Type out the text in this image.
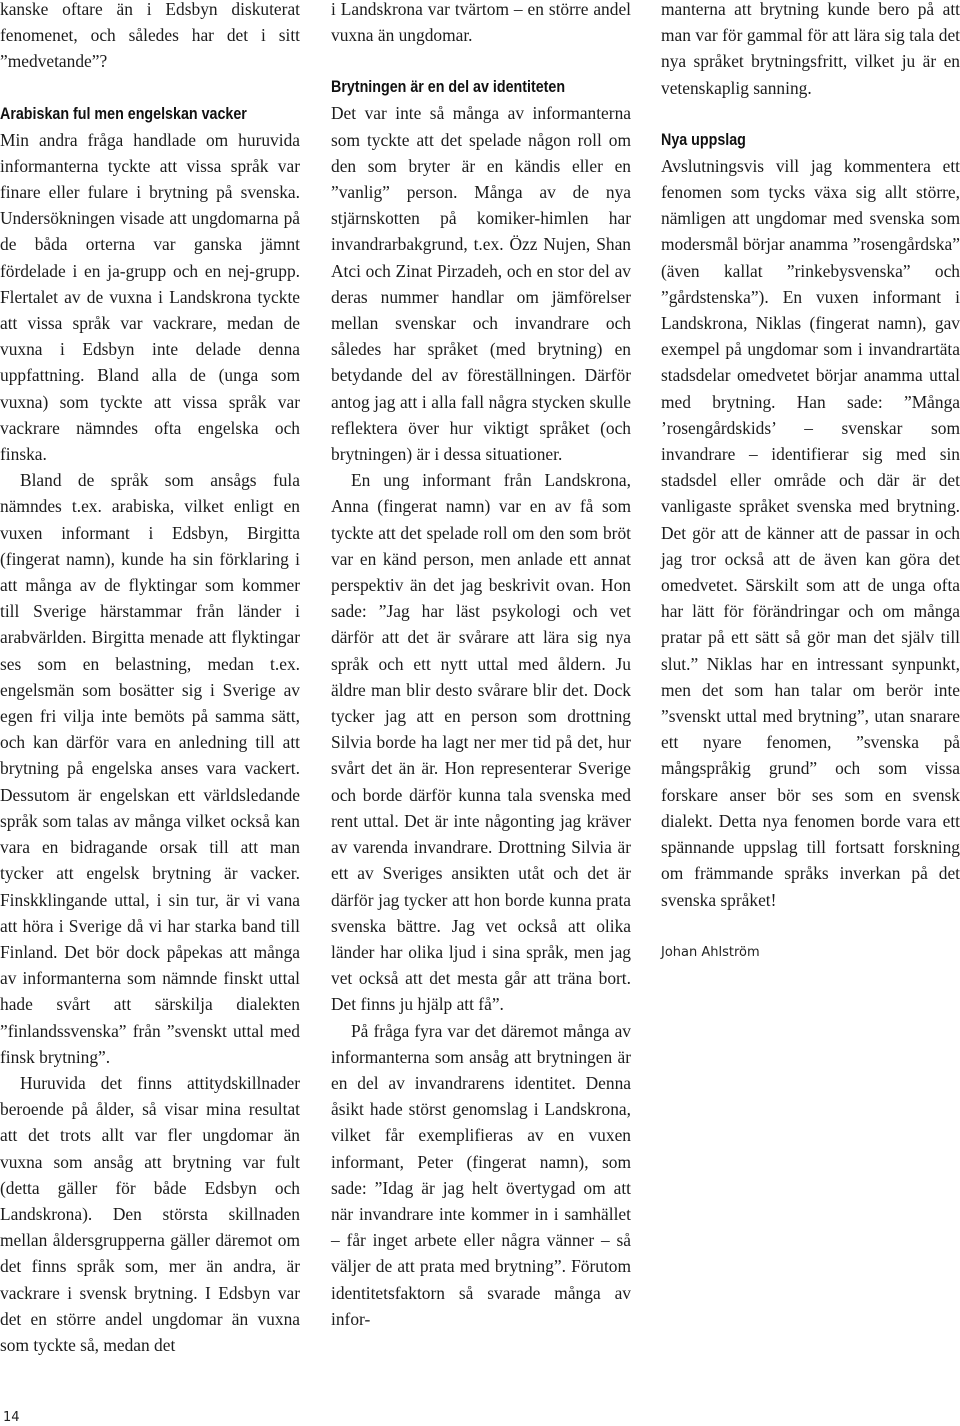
kanske oftare än i Edsbyn diskuterat fenomenet, och således har det i sitt ”medvetande”?

Arabiskan ful men engelskan vacker

Min andra fråga handlade om huruvida informanterna tyckte att vissa språk var finare eller fulare i brytning på svenska. Undersökningen visade att ungdomarna på de båda orterna var ganska jämnt fördelade i en ja-grupp och en nej-grupp. Flertalet av de vuxna i Landskrona tyckte att vissa språk var vackrare, medan de vuxna i Edsbyn inte delade denna uppfattning. Bland alla de (unga som vuxna) som tyckte att vissa språk var vackrare nämndes ofta engelska och finska.

Bland de språk som ansågs fula nämndes t.ex. arabiska, vilket enligt en vuxen informant i Edsbyn, Birgitta (fingerat namn), kunde ha sin förklaring i att många av de flyktingar som kommer till Sverige härstammar från länder i arabvärlden. Birgitta menade att flyktingar ses som en belastning, medan t.ex. engelsmän som bosätter sig i Sverige av egen fri vilja inte bemöts på samma sätt, och kan därför vara en anledning till att brytning på engelska anses vara vackert. Dessutom är engelskan ett världsledande språk som talas av många vilket också kan vara en bidragande orsak till att man tycker att engelsk brytning är vacker. Finskklingande uttal, i sin tur, är vi vana att höra i Sverige då vi har starka band till Finland. Det bör dock påpekas att många av informanterna som nämnde finskt uttal hade svårt att särskilja dialekten ”finlandssvenska” från ”svenskt uttal med finsk brytning”.

Huruvida det finns attitydskillnader beroende på ålder, så visar mina resultat att det trots allt var fler ungdomar än vuxna som ansåg att brytning var fult (detta gäller för både Edsbyn och Landskrona). Den största skillnaden mellan åldersgrupperna gäller däremot om det finns språk som, mer än andra, är vackrare i svensk brytning. I Edsbyn var det en större andel ungdomar än vuxna som tyckte så, medan det

i Landskrona var tvärtom – en större andel vuxna än ungdomar.

Brytningen är en del av identiteten

Det var inte så många av informanterna som tyckte att det spelade någon roll om den som bryter är en kändis eller en ”vanlig” person. Många av de nya stjärnskotten på komiker-himlen har invandrarbakgrund, t.ex. Özz Nujen, Shan Atci och Zinat Pirzadeh, och en stor del av deras nummer handlar om jämförelser mellan svenskar och invandrare och således har språket (med brytning) en betydande del av föreställningen. Därför antog jag att i alla fall några stycken skulle reflektera över hur viktigt språket (och brytningen) är i dessa situationer.

En ung informant från Landskrona, Anna (fingerat namn) var en av få som tyckte att det spelade roll om den som bröt var en känd person, men anlade ett annat perspektiv än det jag beskrivit ovan. Hon sade: ”Jag har läst psykologi och vet därför att det är svårare att lära sig nya språk och ett nytt uttal med åldern. Ju äldre man blir desto svårare blir det. Dock tycker jag att en person som drottning Silvia borde ha lagt ner mer tid på det, hur svårt det än är. Hon representerar Sverige och borde därför kunna tala svenska med rent uttal. Det är inte någonting jag kräver av varenda invandrare. Drottning Silvia är ett av Sveriges ansikten utåt och det är därför jag tycker att hon borde kunna prata svenska bättre. Jag vet också att olika länder har olika ljud i sina språk, men jag vet också att det mesta går att träna bort. Det finns ju hjälp att få”.

På fråga fyra var det däremot många av informanterna som ansåg att brytningen är en del av invandrarens identitet. Denna åsikt hade störst genomslag i Landskrona, vilket får exemplifieras av en vuxen informant, Peter (fingerat namn), som sade: ”Idag är jag helt övertygad om att när invandrare inte kommer in i samhället – får inget arbete eller några vänner – så väljer de att prata med brytning”. Förutom identitetsfaktorn så svarade många av infor-

manterna att brytning kunde bero på att man var för gammal för att lära sig tala det nya språket brytningsfritt, vilket ju är en vetenskaplig sanning.

Nya uppslag

Avslutningsvis vill jag kommentera ett fenomen som tycks växa sig allt större, nämligen att ungdomar med svenska som modersmål börjar anamma ”rosengårdska” (även kallat ”rinkebysvenska” och ”gårdstenska”). En vuxen informant i Landskrona, Niklas (fingerat namn), gav exempel på ungdomar som i invandrartäta stadsdelar omedvetet börjar anamma uttal med brytning. Han sade: ”Många ’rosengårdskids’ – svenskar som invandrare – identifierar sig med sin stadsdel eller område och där är det vanligaste språket svenska med brytning. Det gör att de känner att de passar in och jag tror också att de även kan göra det omedvetet. Särskilt som att de unga ofta har lätt för förändringar och om många pratar på ett sätt så gör man det själv till slut.” Niklas har en intressant synpunkt, men det som han talar om berör inte ”svenskt uttal med brytning”, utan snarare ett nyare fenomen, ”svenska på mångspråkig grund” och som vissa forskare anser bör ses som en svensk dialekt. Detta nya fenomen borde vara ett spännande uppslag till fortsatt forskning om främmande språks inverkan på det svenska språket!

Johan Ahlström
14
